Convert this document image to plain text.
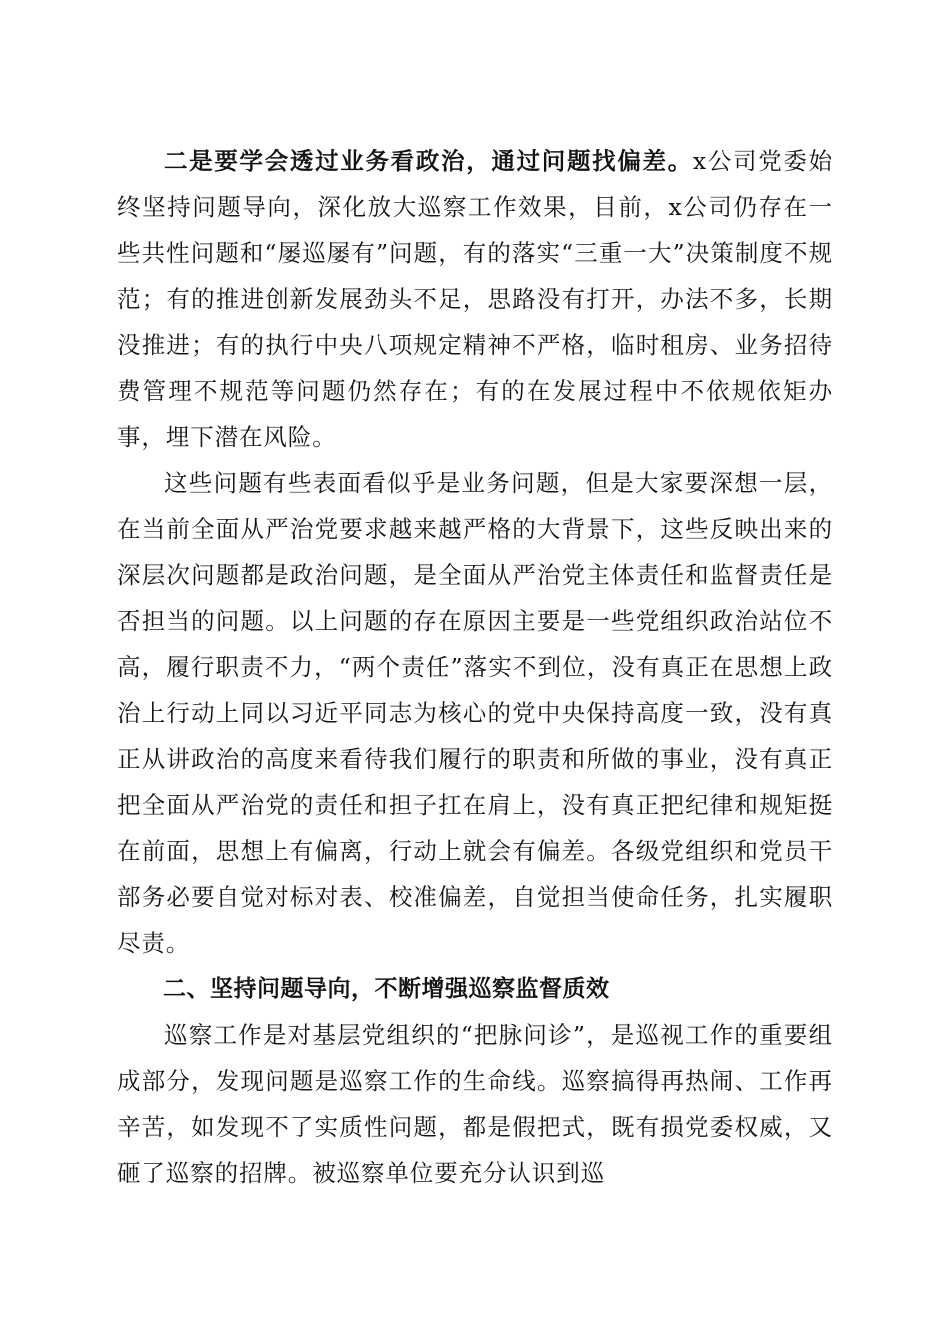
二是要学会透过业务看政治，通过问题找偏差。x公司党委始终坚持问题导向，深化放大巡察工作效果，目前，x公司仍存在一些共性问题和“屡巡屡有”问题，有的落实“三重一大”决策制度不规范；有的推进创新发展劲头不足，思路没有打开，办法不多，长期没推进；有的执行中央八项规定精神不严格，临时租房、业务招待费管理不规范等问题仍然存在；有的在发展过程中不依规依矩办事，埋下潜在风险。

这些问题有些表面看似乎是业务问题，但是大家要深想一层，在当前全面从严治党要求越来越严格的大背景下，这些反映出来的深层次问题都是政治问题，是全面从严治党主体责任和监督责任是否担当的问题。以上问题的存在原因主要是一些党组织政治站位不高，履行职责不力，“两个责任”落实不到位，没有真正在思想上政治上行动上同以习近平同志为核心的党中央保持高度一致，没有真正从讲政治的高度来看待我们履行的职责和所做的事业，没有真正把全面从严治党的责任和担子扛在肩上，没有真正把纪律和规矩挺在前面，思想上有偏离，行动上就会有偏差。各级党组织和党员干部务必要自觉对标对表、校准偏差，自觉担当使命任务，扎实履职尽责。

二、坚持问题导向，不断增强巡察监督质效

巡察工作是对基层党组织的“把脉问诊”，是巡视工作的重要组成部分，发现问题是巡察工作的生命线。巡察搞得再热闹、工作再辛苦，如发现不了实质性问题，都是假把式，既有损党委权威，又砸了巡察的招牌。被巡察单位要充分认识到巡
